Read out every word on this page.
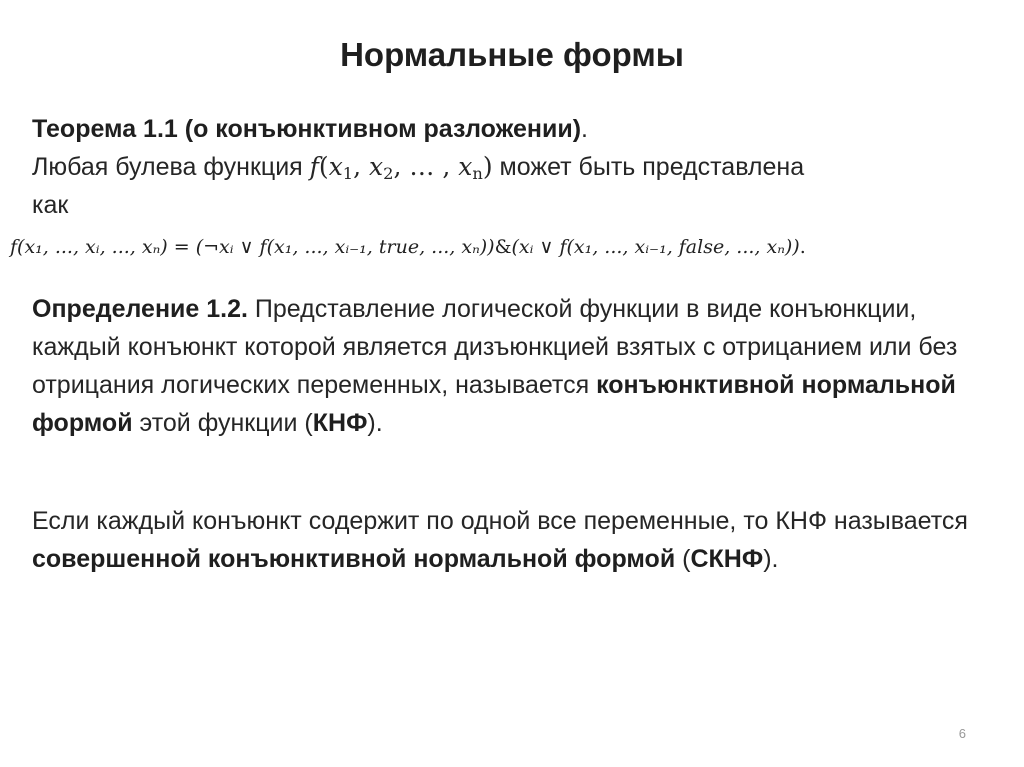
Нормальные формы
Теорема 1.1 (о конъюнктивном разложении).
Любая булева функция $f(x_1$, $x_2$, … , $x_n$) может быть представлена
как
f(x₁, ..., xᵢ, ..., xₙ) = (¬xᵢ ∨ f(x₁, ..., xᵢ₋₁, true, ..., xₙ))&(xᵢ ∨ f(x₁, ..., xᵢ₋₁, false, ..., xₙ)).
Определение 1.2. Представление логической функции в виде конъюнкции, каждый конъюнкт которой является дизъюнкцией взятых с отрицанием или без отрицания логических переменных, называется конъюнктивной нормальной формой этой функции (КНФ).
Если каждый конъюнкт содержит по одной все переменные, то КНФ называется совершенной конъюнктивной нормальной формой (СКНФ).
6
